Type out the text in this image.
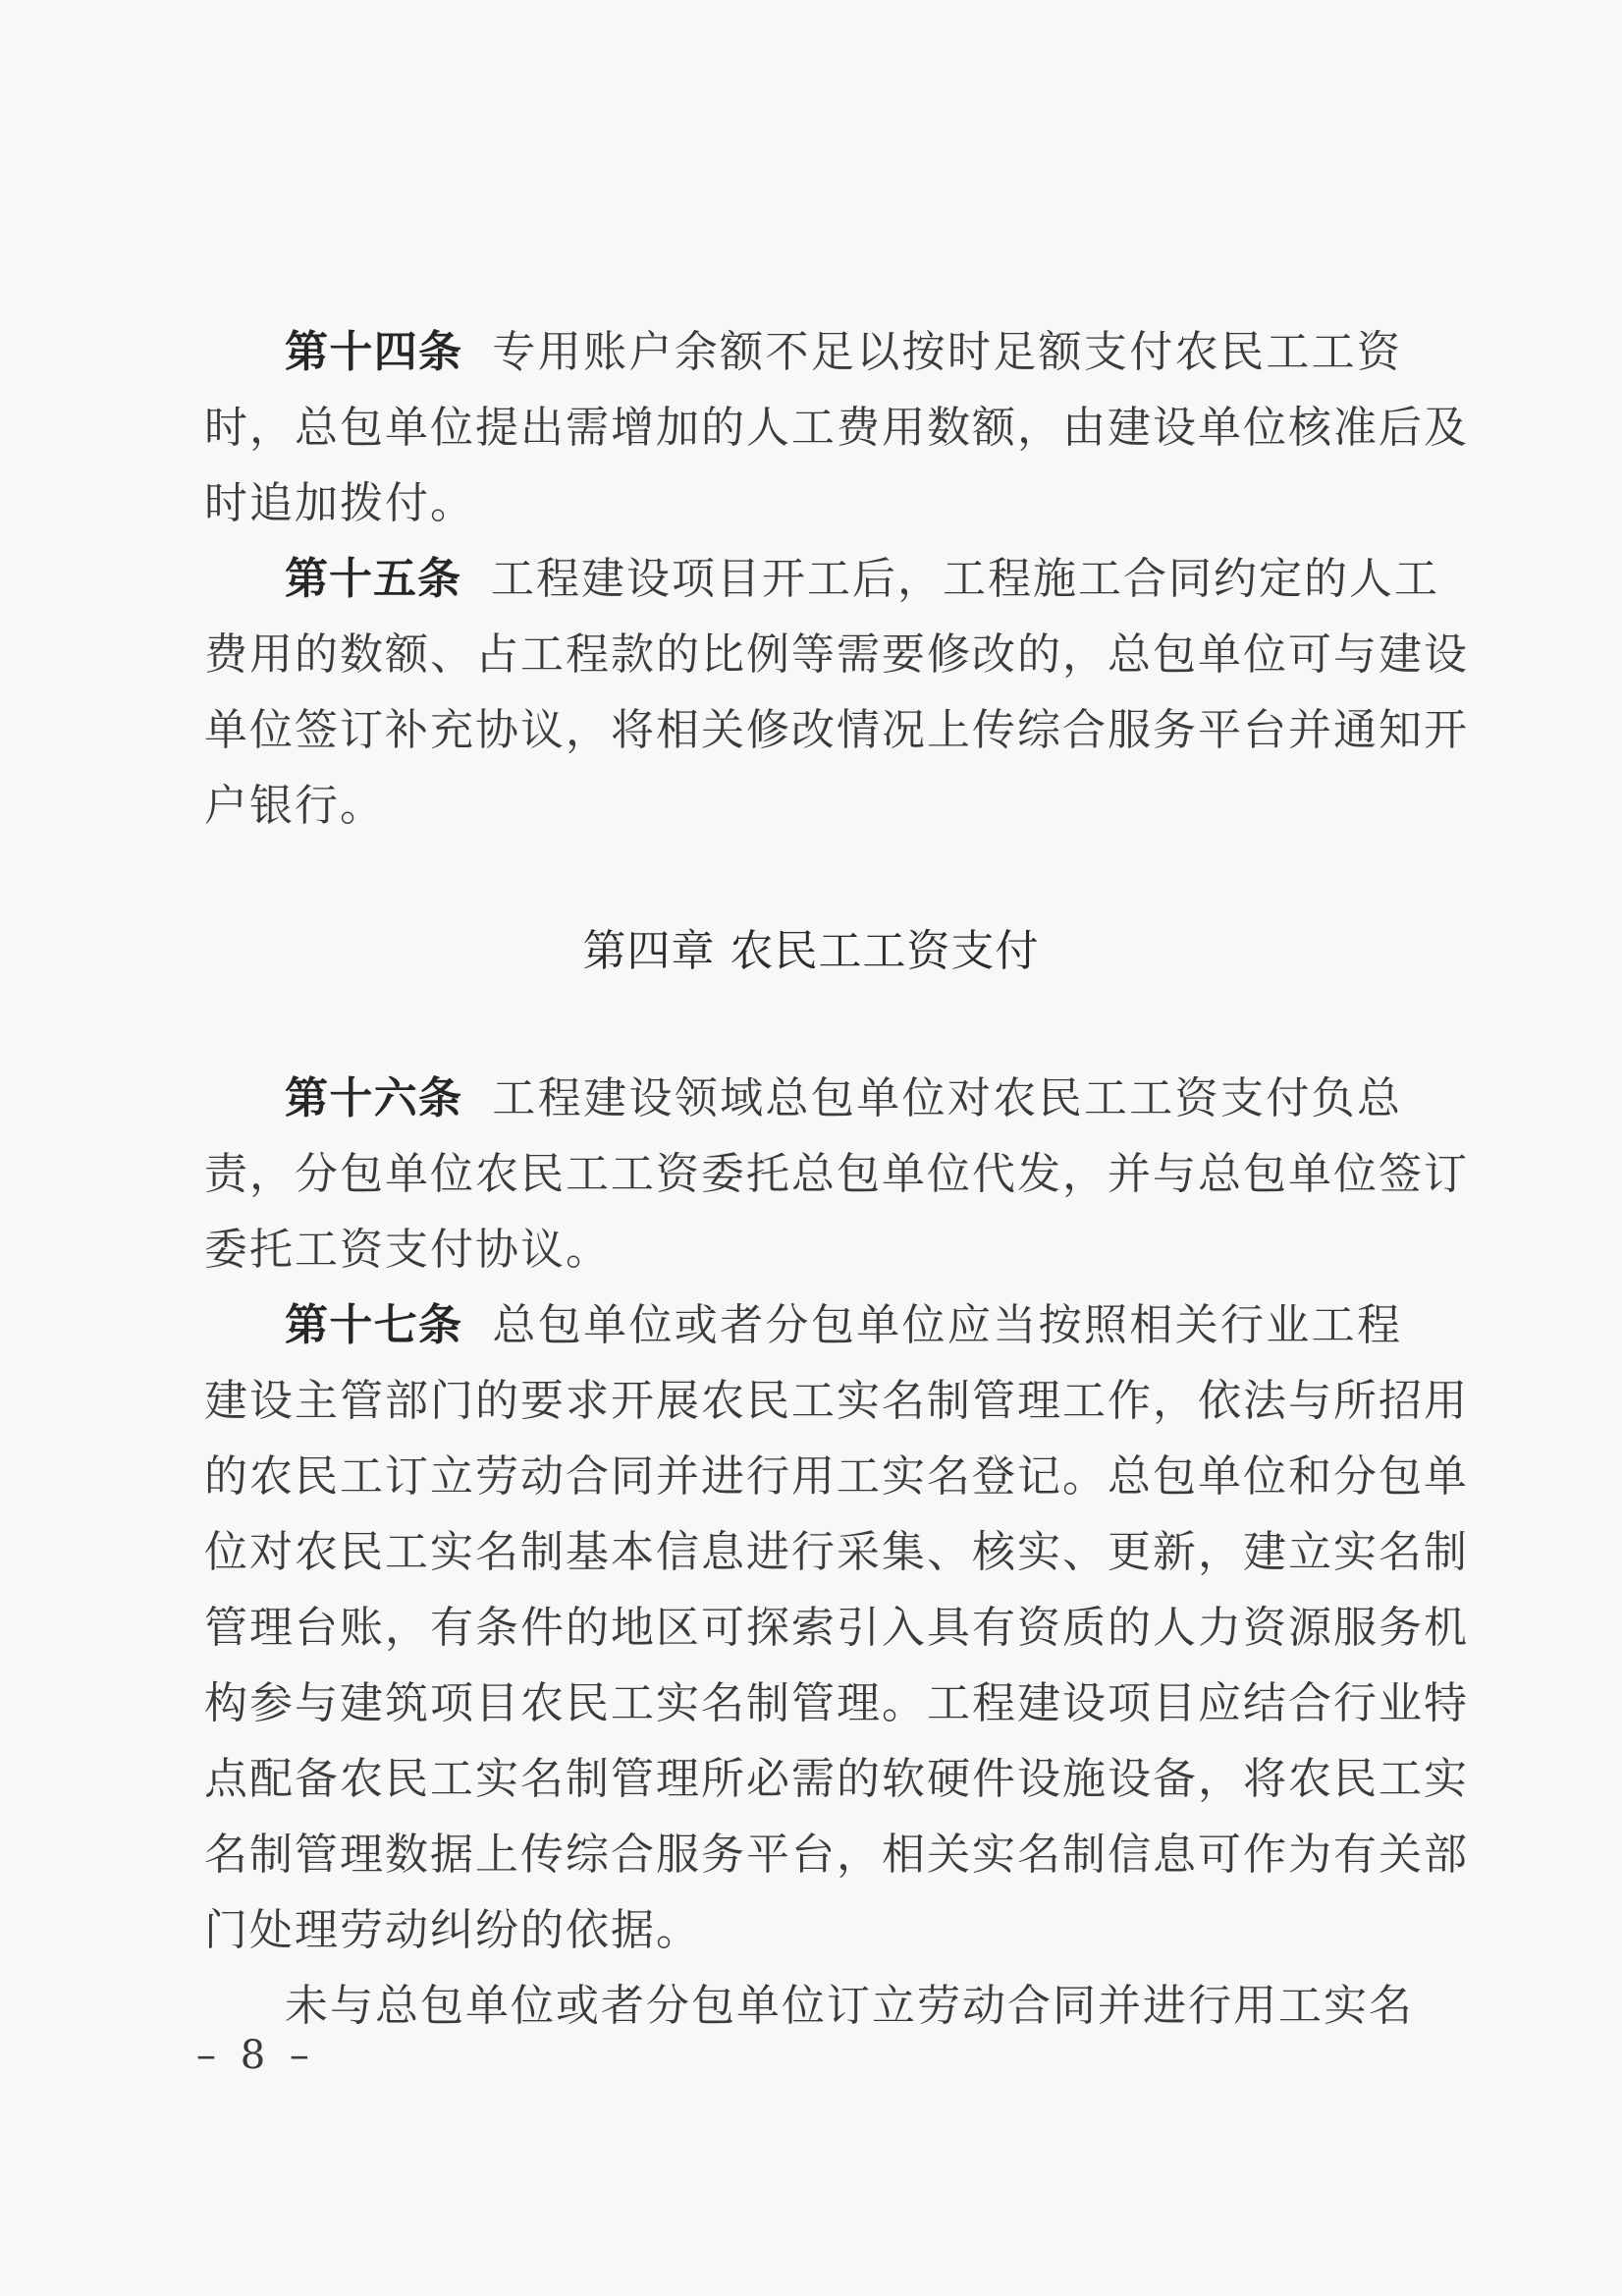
第十四条 专用账户余额不足以按时足额支付农民工工资
时，总包单位提出需增加的人工费用数额，由建设单位核准后及
时追加拨付。
第十五条 工程建设项目开工后，工程施工合同约定的人工
费用的数额、占工程款的比例等需要修改的，总包单位可与建设
单位签订补充协议，将相关修改情况上传综合服务平台并通知开
户银行。
第四章 农民工工资支付
第十六条 工程建设领域总包单位对农民工工资支付负总
责，分包单位农民工工资委托总包单位代发，并与总包单位签订
委托工资支付协议。
第十七条 总包单位或者分包单位应当按照相关行业工程
建设主管部门的要求开展农民工实名制管理工作，依法与所招用
的农民工订立劳动合同并进行用工实名登记。总包单位和分包单
位对农民工实名制基本信息进行采集、核实、更新，建立实名制
管理台账，有条件的地区可探索引入具有资质的人力资源服务机
构参与建筑项目农民工实名制管理。工程建设项目应结合行业特
点配备农民工实名制管理所必需的软硬件设施设备，将农民工实
名制管理数据上传综合服务平台，相关实名制信息可作为有关部
门处理劳动纠纷的依据。
未与总包单位或者分包单位订立劳动合同并进行用工实名
– 8 –
